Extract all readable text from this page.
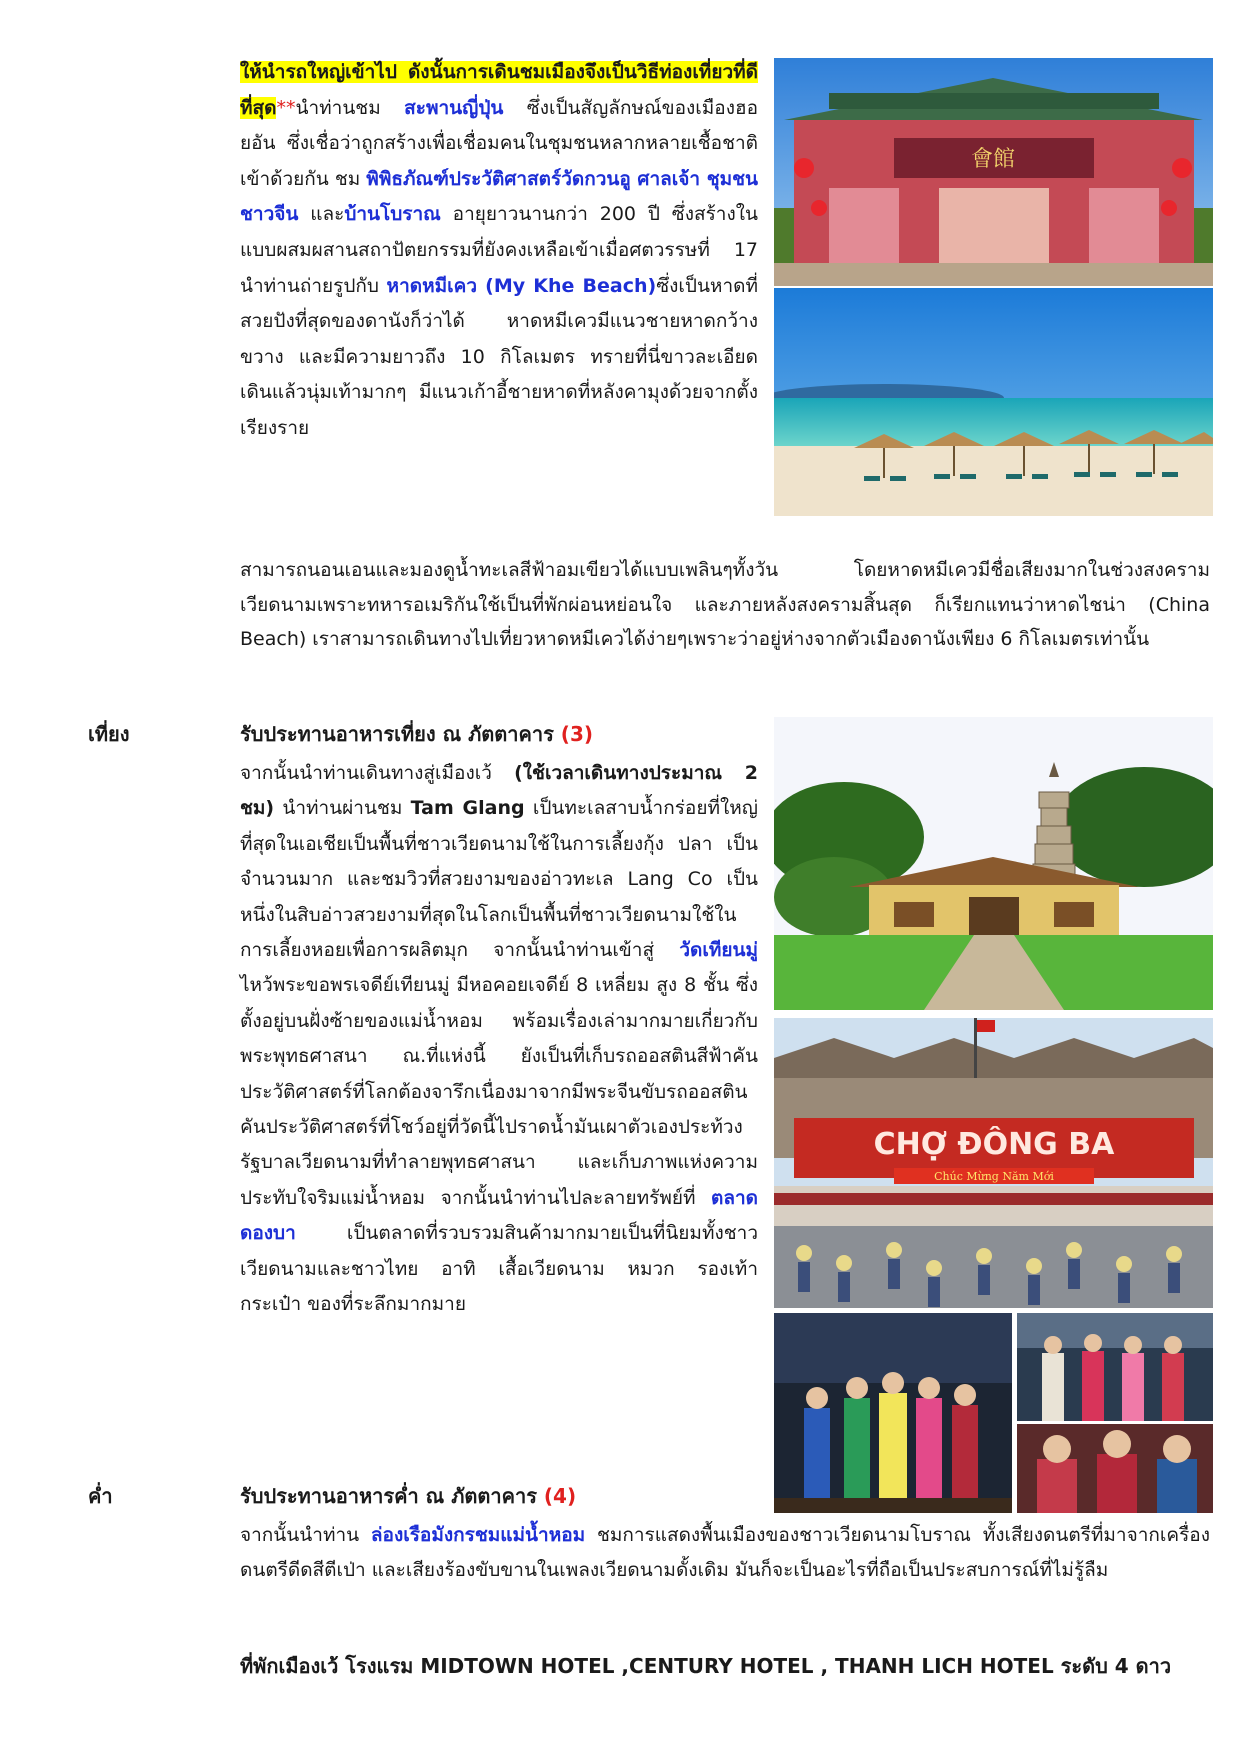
ให้นำรถใหญ่เข้าไป ดังนั้นการเดินชมเมืองจึงเป็นวิธีท่องเที่ยวที่ดีที่สุด**นำท่านชม สะพานญี่ปุ่น ซึ่งเป็นสัญลักษณ์ของเมืองฮอยอัน ซึ่งเชื่อว่าถูกสร้างเพื่อเชื่อมคนในชุมชนหลากหลายเชื้อชาติเข้าด้วยกัน ชม พิพิธภัณฑ์ประวัติศาสตร์วัดกวนอู ศาลเจ้า ชุมชนชาวจีน และบ้านโบราณ อายุยาวนานกว่า 200 ปี ซึ่งสร้างในแบบผสมผสานสถาปัตยกรรมที่ยังคงเหลือเข้าเมื่อศตวรรษที่ 17 นำท่านถ่ายรูปกับ หาดหมีเคว (My Khe Beach)ซึ่งเป็นหาดที่สวยปังที่สุดของดานังก็ว่าได้ หาดหมีเควมีแนวชายหาดกว้างขวาง และมีความยาวถึง 10 กิโลเมตร ทรายที่นี่ขาวละเอียด เดินแล้วนุ่มเท้ามากๆ มีแนวเก้าอี้ชายหาดที่หลังคามุงด้วยจากตั้งเรียงราย
สามารถนอนเอนและมองดูน้ำทะเลสีฟ้าอมเขียวได้แบบเพลินๆทั้งวัน โดยหาดหมีเควมีชื่อเสียงมากในช่วงสงครามเวียดนามเพราะทหารอเมริกันใช้เป็นที่พักผ่อนหย่อนใจ และภายหลังสงครามสิ้นสุด ก็เรียกแทนว่าหาดไชน่า (China Beach) เราสามารถเดินทางไปเที่ยวหาดหมีเควได้ง่ายๆเพราะว่าอยู่ห่างจากตัวเมืองดานังเพียง 6 กิโลเมตรเท่านั้น
เที่ยง	รับประทานอาหารเที่ยง ณ ภัตตาคาร (3)
จากนั้นนำท่านเดินทางสู่เมืองเว้ (ใช้เวลาเดินทางประมาณ 2 ชม) นำท่านผ่านชม Tam Glang เป็นทะเลสาบน้ำกร่อยที่ใหญ่ที่สุดในเอเชียเป็นพื้นที่ชาวเวียดนามใช้ในการเลี้ยงกุ้ง ปลา เป็นจำนวนมาก และชมวิวที่สวยงามของอ่าวทะเล Lang Co เป็นหนึ่งในสิบอ่าวสวยงามที่สุดในโลกเป็นพื้นที่ชาวเวียดนามใช้ในการเลี้ยงหอยเพื่อการผลิตมุก จากนั้นนำท่านเข้าสู่ วัดเทียนมู่ ไหว้พระขอพรเจดีย์เทียนมู่ มีหอคอยเจดีย์ 8 เหลี่ยม สูง 8 ชั้น ซึ่งตั้งอยู่บนฝั่งซ้ายของแม่น้ำหอม พร้อมเรื่องเล่ามากมายเกี่ยวกับพระพุทธศาสนา ณ.ที่แห่งนี้ ยังเป็นที่เก็บรถออสตินสีฟ้าคันประวัติศาสตร์ที่โลกต้องจารึกเนื่องมาจากมีพระจีนขับรถออสตินคันประวัติศาสตร์ที่โชว์อยู่ที่วัดนี้ไปราดน้ำมันเผาตัวเองประท้วงรัฐบาลเวียดนามที่ทำลายพุทธศาสนา และเก็บภาพแห่งความประทับใจริมแม่น้ำหอม จากนั้นนำท่านไปละลายทรัพย์ที่ ตลาดดองบา เป็นตลาดที่รวบรวมสินค้ามากมายเป็นที่นิยมทั้งชาวเวียดนามและชาวไทย อาทิ เสื้อเวียดนาม หมวก รองเท้า กระเป๋า ของที่ระลึกมากมาย
ค่ำ	รับประทานอาหารค่ำ ณ ภัตตาคาร (4)
จากนั้นนำท่าน ล่องเรือมังกรชมแม่น้ำหอม ชมการแสดงพื้นเมืองของชาวเวียดนามโบราณ ทั้งเสียงดนตรีที่มาจากเครื่องดนตรีดีดสีตีเป่า และเสียงร้องขับขานในเพลงเวียดนามดั้งเดิม มันก็จะเป็นอะไรที่ถือเป็นประสบการณ์ที่ไม่รู้ลืม
ที่พักเมืองเว้ โรงแรม MIDTOWN HOTEL ,CENTURY HOTEL , THANH LICH HOTEL ระดับ 4 ดาว
會館
CHỢ ĐÔNG BA
Chúc Mừng Năm Mới
